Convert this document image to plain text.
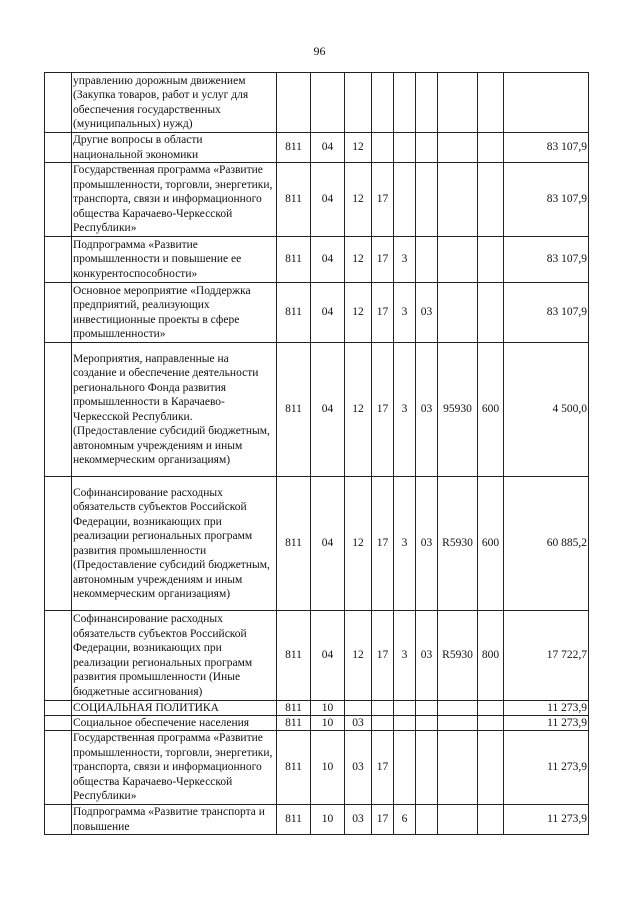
96
	управлению дорожным движением (Закупка товаров, работ и услуг для обеспечения государственных (муниципальных) нужд)									
	Другие вопросы в области национальной экономики	811	04	12						83 107,9
	Государственная программа «Развитие промышленности, торговли, энергетики, транспорта, связи и информационного общества Карачаево-Черкесской Республики»	811	04	12	17					83 107,9
	Подпрограмма «Развитие промышленности и повышение ее конкурентоспособности»	811	04	12	17	3				83 107,9
	Основное мероприятие «Поддержка предприятий, реализующих инвестиционные проекты в сфере промышленности»	811	04	12	17	3	03			83 107,9
	Мероприятия, направленные на создание и обеспечение деятельности регионального Фонда развития промышленности в Карачаево-Черкесской Республики. (Предоставление субсидий бюджетным, автономным учреждениям и иным некоммерческим организациям)	811	04	12	17	3	03	95930	600	4 500,0
	Софинансирование расходных обязательств субъектов Российской Федерации, возникающих при реализации региональных программ развития промышленности (Предоставление субсидий бюджетным, автономным учреждениям и иным некоммерческим организациям)	811	04	12	17	3	03	R5930	600	60 885,2
	Софинансирование расходных обязательств субъектов Российской Федерации, возникающих при реализации региональных программ развития промышленности (Иные бюджетные ассигнования)	811	04	12	17	3	03	R5930	800	17 722,7
	СОЦИАЛЬНАЯ ПОЛИТИКА	811	10							11 273,9
	Социальное обеспечение населения	811	10	03						11 273,9
	Государственная программа «Развитие промышленности, торговли, энергетики, транспорта, связи и информационного общества Карачаево-Черкесской Республики»	811	10	03	17					11 273,9
	Подпрограмма «Развитие транспорта и повышение	811	10	03	17	6				11 273,9
